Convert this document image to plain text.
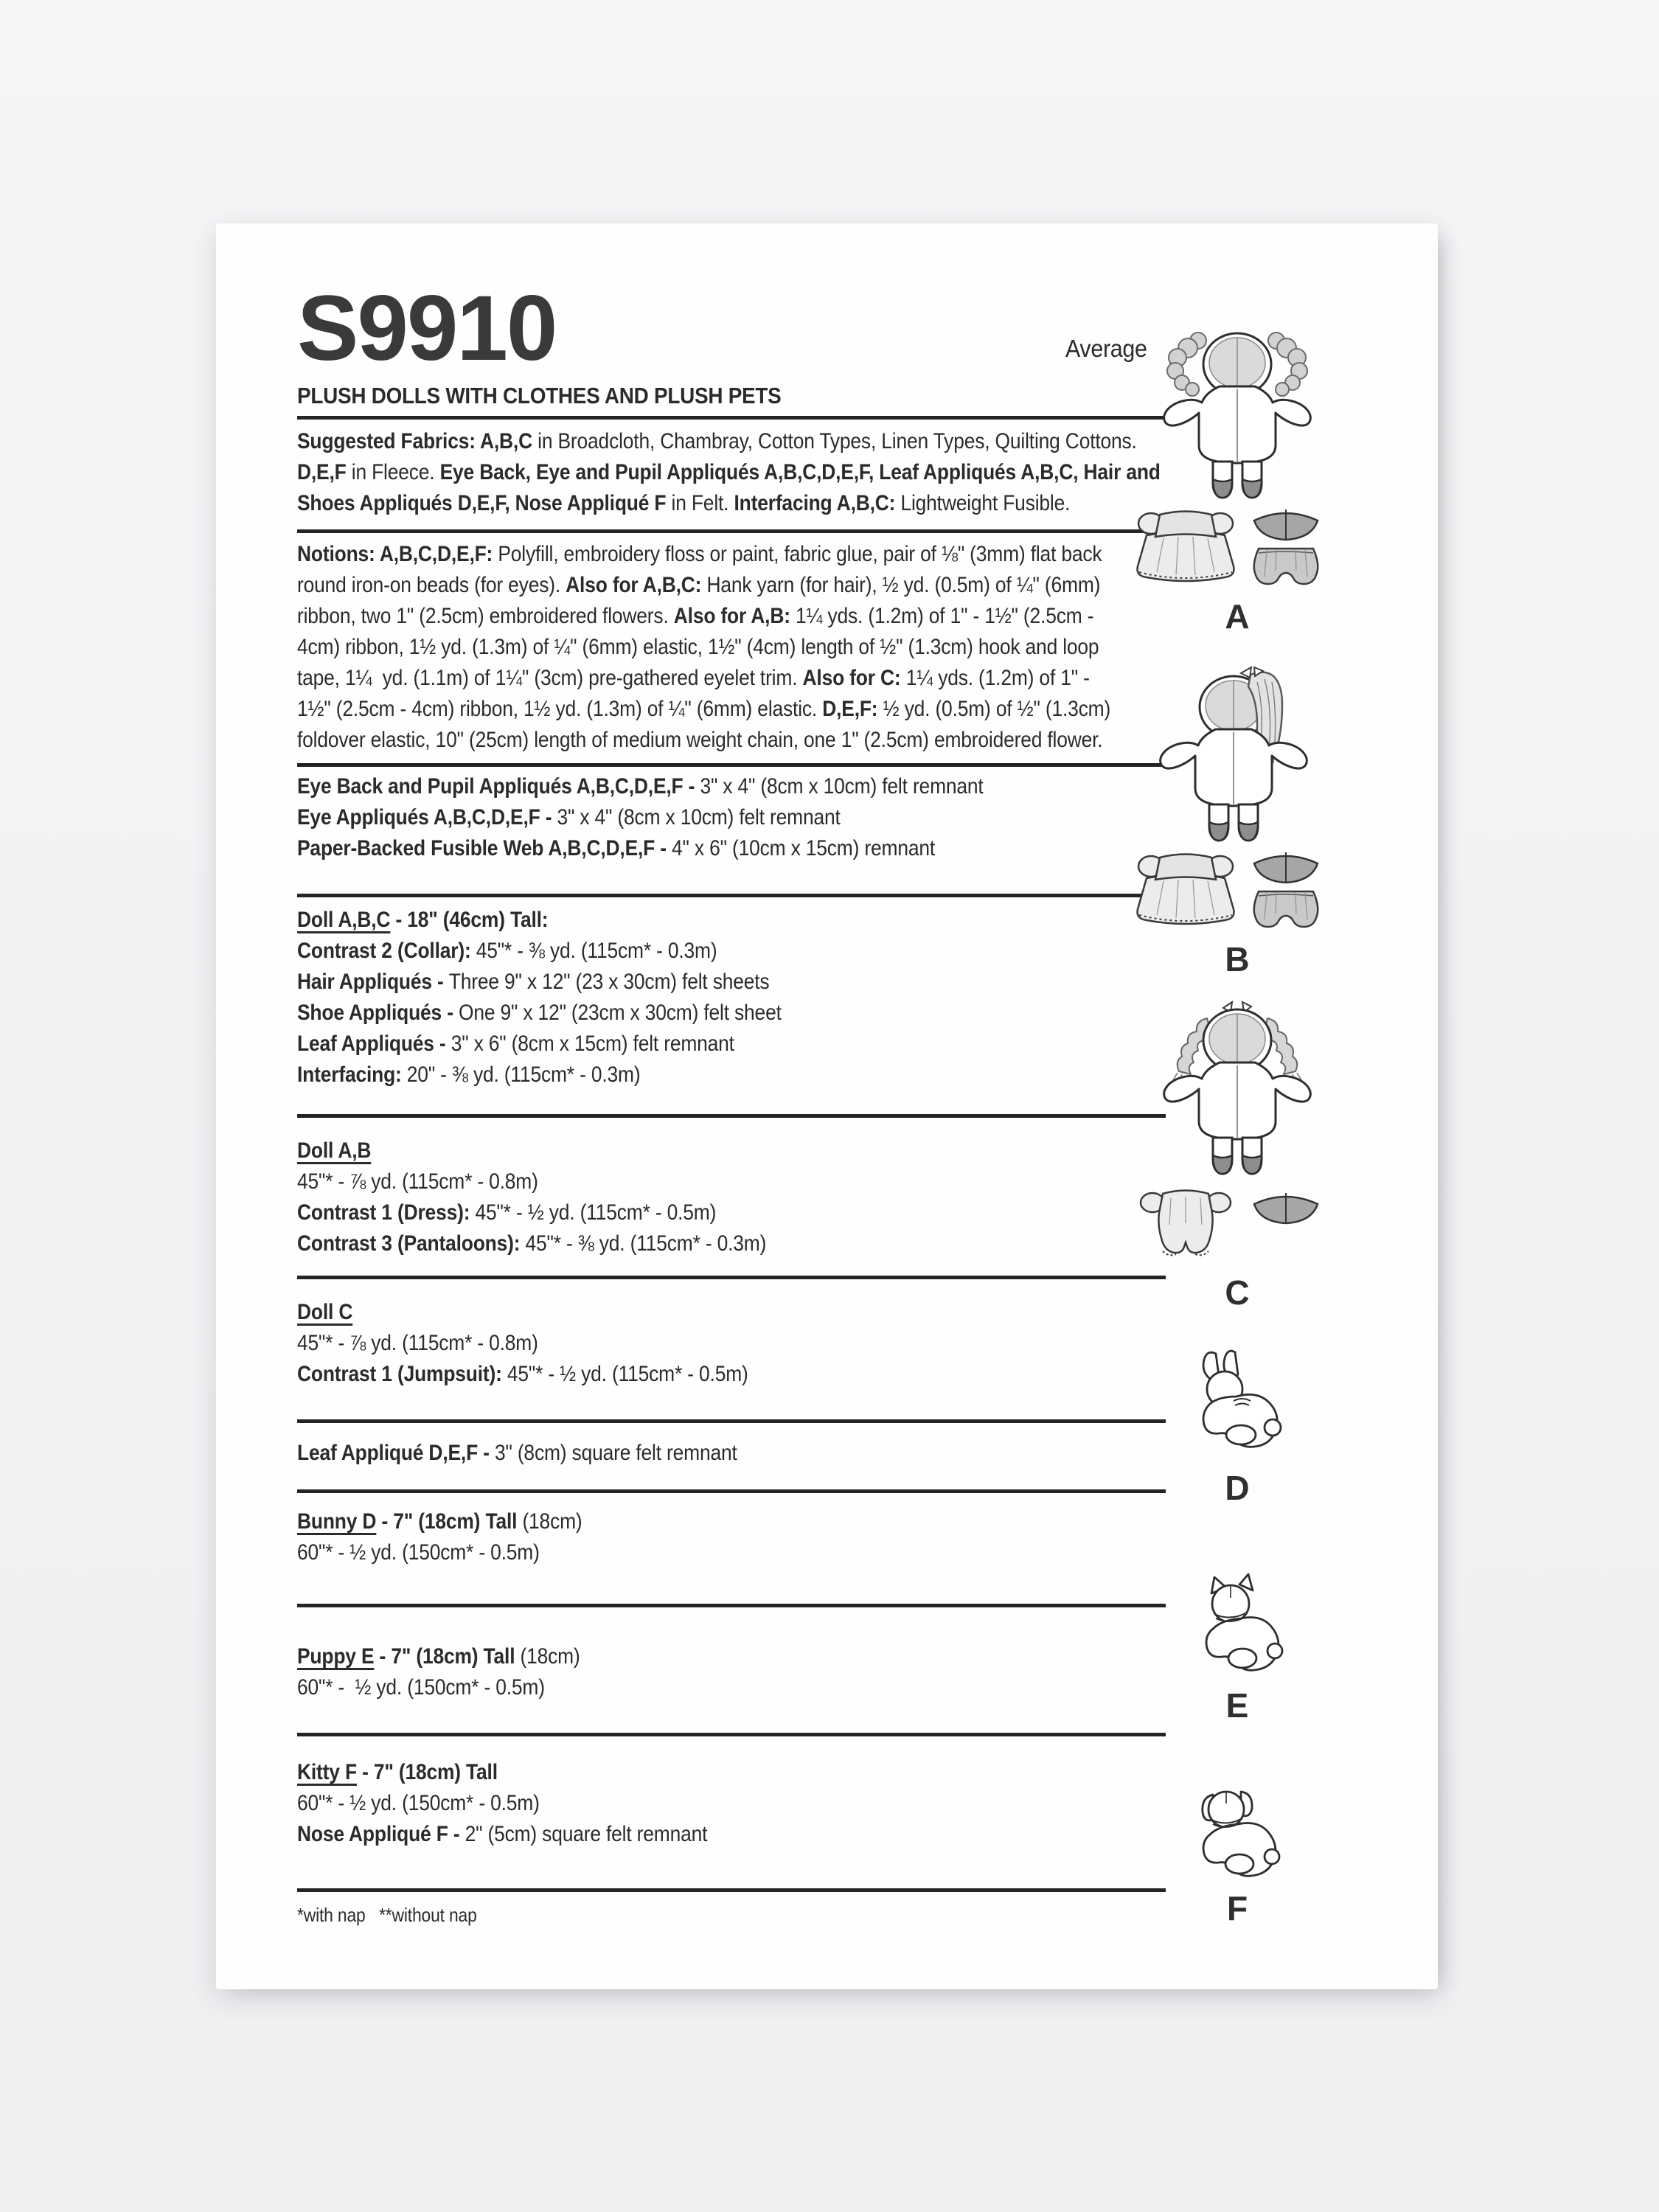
Average
S9910
PLUSH DOLLS WITH CLOTHES AND PLUSH PETS
Suggested Fabrics: A,B,C in Broadcloth, Chambray, Cotton Types, Linen Types, Quilting Cottons.
D,E,F in Fleece. Eye Back, Eye and Pupil Appliqués A,B,C,D,E,F, Leaf Appliqués A,B,C, Hair and
Shoes Appliqués D,E,F, Nose Appliqué F in Felt. Interfacing A,B,C: Lightweight Fusible.
Notions: A,B,C,D,E,F: Polyfill, embroidery floss or paint, fabric glue, pair of ⅛" (3mm) flat back
round iron-on beads (for eyes). Also for A,B,C: Hank yarn (for hair), ½ yd. (0.5m) of ¼" (6mm)
ribbon, two 1" (2.5cm) embroidered flowers. Also for A,B: 1¼ yds. (1.2m) of 1" - 1½" (2.5cm -
4cm) ribbon, 1½ yd. (1.3m) of ¼" (6mm) elastic, 1½" (4cm) length of ½" (1.3cm) hook and loop
tape, 1¼  yd. (1.1m) of 1¼" (3cm) pre-gathered eyelet trim. Also for C: 1¼ yds. (1.2m) of 1" -
1½" (2.5cm - 4cm) ribbon, 1½ yd. (1.3m) of ¼" (6mm) elastic. D,E,F: ½ yd. (0.5m) of ½" (1.3cm)
foldover elastic, 10" (25cm) length of medium weight chain, one 1" (2.5cm) embroidered flower.
Eye Back and Pupil Appliqués A,B,C,D,E,F - 3" x 4" (8cm x 10cm) felt remnant
Eye Appliqués A,B,C,D,E,F - 3" x 4" (8cm x 10cm) felt remnant
Paper-Backed Fusible Web A,B,C,D,E,F - 4" x 6" (10cm x 15cm) remnant
Doll A,B,C - 18" (46cm) Tall:
Contrast 2 (Collar): 45"* - ⅜ yd. (115cm* - 0.3m)
Hair Appliqués - Three 9" x 12" (23 x 30cm) felt sheets
Shoe Appliqués - One 9" x 12" (23cm x 30cm) felt sheet
Leaf Appliqués - 3" x 6" (8cm x 15cm) felt remnant
Interfacing: 20" - ⅜ yd. (115cm* - 0.3m)
Doll A,B
45"* - ⅞ yd. (115cm* - 0.8m)
Contrast 1 (Dress): 45"* - ½ yd. (115cm* - 0.5m)
Contrast 3 (Pantaloons): 45"* - ⅜ yd. (115cm* - 0.3m)
Doll C
45"* - ⅞ yd. (115cm* - 0.8m)
Contrast 1 (Jumpsuit): 45"* - ½ yd. (115cm* - 0.5m)
Leaf Appliqué D,E,F - 3" (8cm) square felt remnant
Bunny D - 7" (18cm) Tall (18cm)
60"* - ½ yd. (150cm* - 0.5m)
Puppy E - 7" (18cm) Tall (18cm)
60"* -  ½ yd. (150cm* - 0.5m)
Kitty F - 7" (18cm) Tall
60"* - ½ yd. (150cm* - 0.5m)
Nose Appliqué F - 2" (5cm) square felt remnant
*with nap   **without nap
A
B
C
D
E
F
